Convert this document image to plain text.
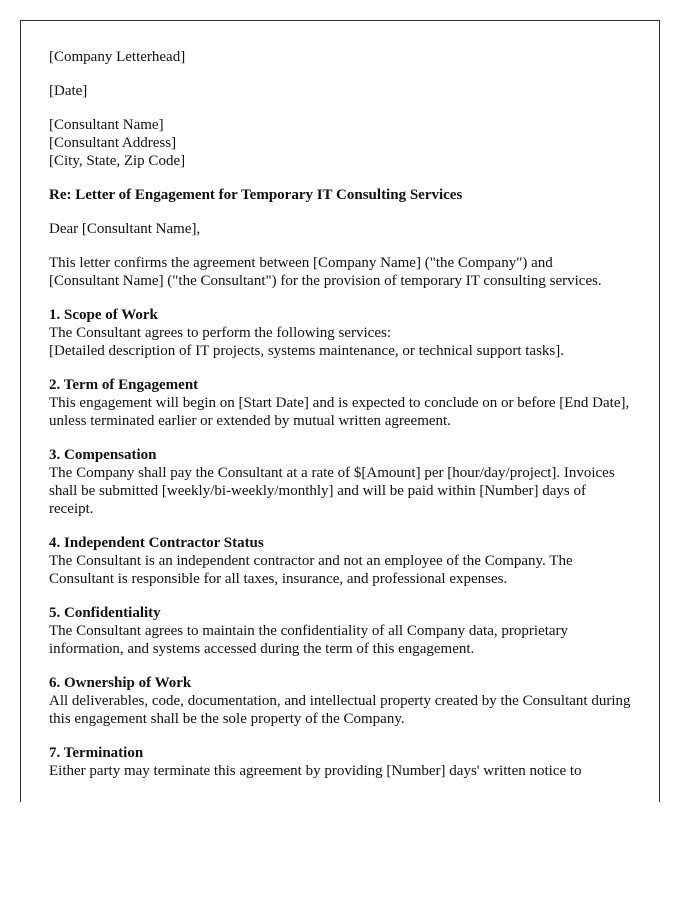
[Company Letterhead]

[Date]

[Consultant Name]
[Consultant Address]
[City, State, Zip Code]

Re: Letter of Engagement for Temporary IT Consulting Services

Dear [Consultant Name],

This letter confirms the agreement between [Company Name] ("the Company") and [Consultant Name] ("the Consultant") for the provision of temporary IT consulting services.

1. Scope of Work
The Consultant agrees to perform the following services:
[Detailed description of IT projects, systems maintenance, or technical support tasks].

2. Term of Engagement
This engagement will begin on [Start Date] and is expected to conclude on or before [End Date], unless terminated earlier or extended by mutual written agreement.

3. Compensation
The Company shall pay the Consultant at a rate of $[Amount] per [hour/day/project]. Invoices shall be submitted [weekly/bi-weekly/monthly] and will be paid within [Number] days of receipt.

4. Independent Contractor Status
The Consultant is an independent contractor and not an employee of the Company. The Consultant is responsible for all taxes, insurance, and professional expenses.

5. Confidentiality
The Consultant agrees to maintain the confidentiality of all Company data, proprietary information, and systems accessed during the term of this engagement.

6. Ownership of Work
All deliverables, code, documentation, and intellectual property created by the Consultant during this engagement shall be the sole property of the Company.

7. Termination
Either party may terminate this agreement by providing [Number] days' written notice to
